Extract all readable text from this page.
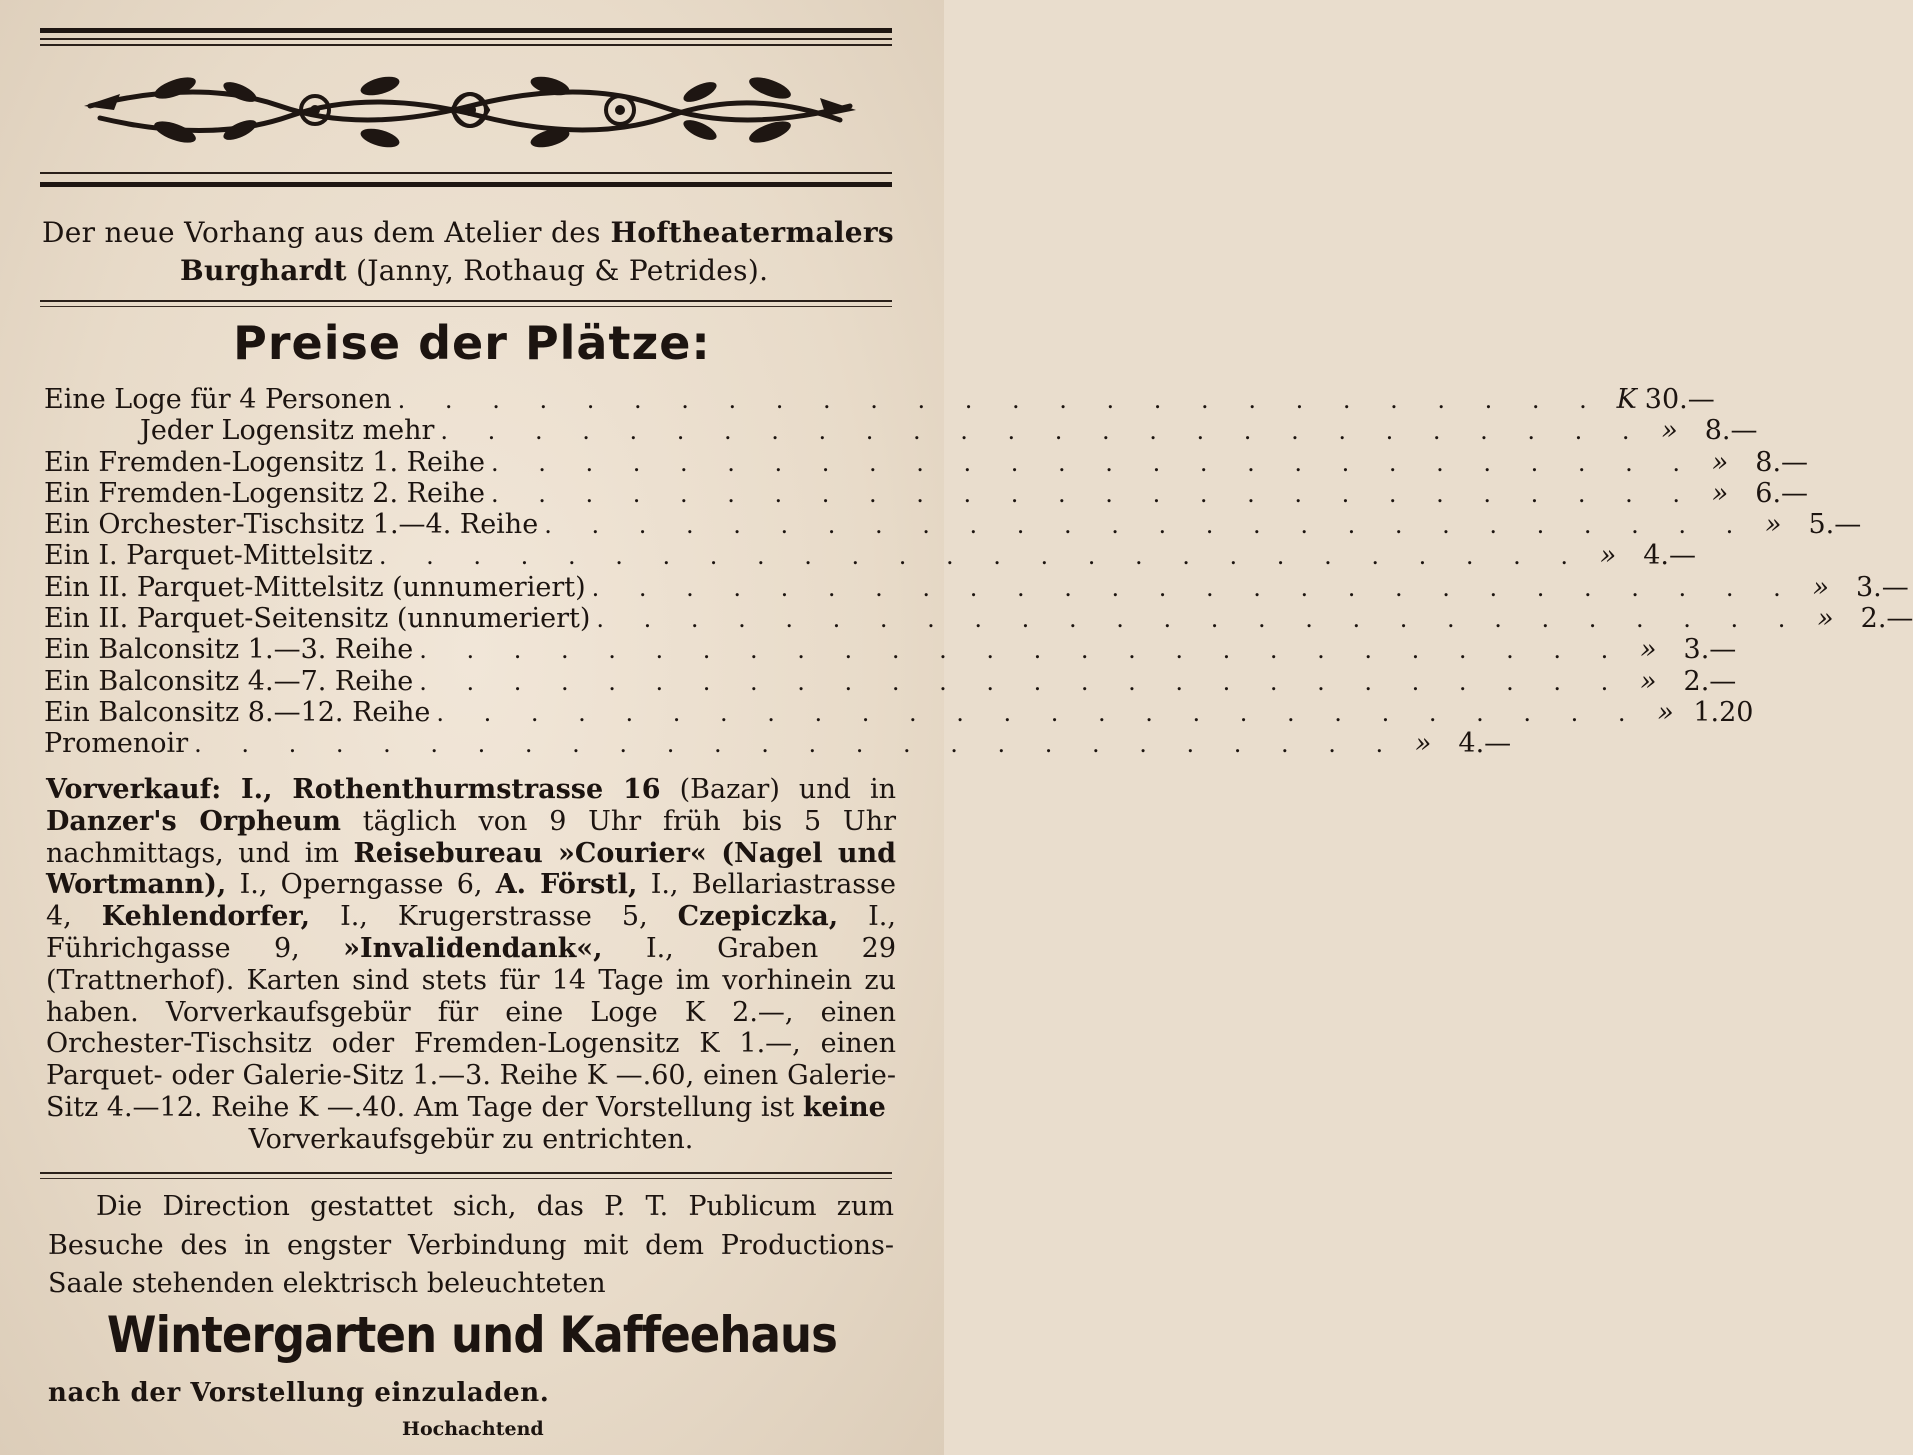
Der neue Vorhang aus dem Atelier des Hoftheatermalers
Burghardt (Janny, Rothaug & Petrides).
Preise der Plätze:
Eine Loge für 4 Personen . . . . . . . . . . . . . . . . . . . . . . . . . . K 30.—
Jeder Logensitz mehr . . . . . . . . . . . . . . . . . . . . . . . . . . » 8.—
Ein Fremden-Logensitz 1. Reihe . . . . . . . . . . . . . . . . . . . . . . . . . . » 8.—
Ein Fremden-Logensitz 2. Reihe . . . . . . . . . . . . . . . . . . . . . . . . . . » 6.—
Ein Orchester-Tischsitz 1.—4. Reihe . . . . . . . . . . . . . . . . . . . . . . . . . . » 5.—
Ein I. Parquet-Mittelsitz . . . . . . . . . . . . . . . . . . . . . . . . . . » 4.—
Ein II. Parquet-Mittelsitz (unnumeriert) . . . . . . . . . . . . . . . . . . . . . . . . . . » 3.—
Ein II. Parquet-Seitensitz (unnumeriert) . . . . . . . . . . . . . . . . . . . . . . . . . . » 2.—
Ein Balconsitz 1.—3. Reihe . . . . . . . . . . . . . . . . . . . . . . . . . . » 3.—
Ein Balconsitz 4.—7. Reihe . . . . . . . . . . . . . . . . . . . . . . . . . . » 2.—
Ein Balconsitz 8.—12. Reihe . . . . . . . . . . . . . . . . . . . . . . . . . . » 1.20
Promenoir . . . . . . . . . . . . . . . . . . . . . . . . . . » 4.—
Vorverkauf: I., Rothenthurmstrasse 16 (Bazar) und in Danzer's Orpheum täglich von 9 Uhr früh bis 5 Uhr nachmittags, und im Reisebureau »Courier« (Nagel und Wortmann), I., Operngasse 6, A. Förstl, I., Bellariastrasse 4, Kehlendorfer, I., Krugerstrasse 5, Czepiczka, I., Führichgasse 9, »Invalidendank«, I., Graben 29 (Trattnerhof). Karten sind stets für 14 Tage im vorhinein zu haben. Vorverkaufsgebür für eine Loge K 2.—, einen Orchester-Tischsitz oder Fremden-Logensitz K 1.—, einen Parquet- oder Galerie-Sitz 1.—3. Reihe K —.60, einen Galerie-Sitz 4.—12. Reihe K —.40. Am Tage der Vorstellung ist keine
Vorverkaufsgebür zu entrichten.
Die Direction gestattet sich, das P. T. Publicum zum Besuche des in engster Verbindung mit dem Productions-Saale stehenden elektrisch beleuchteten
Wintergarten und Kaffeehaus
nach der Vorstellung einzuladen.
Hochachtend
